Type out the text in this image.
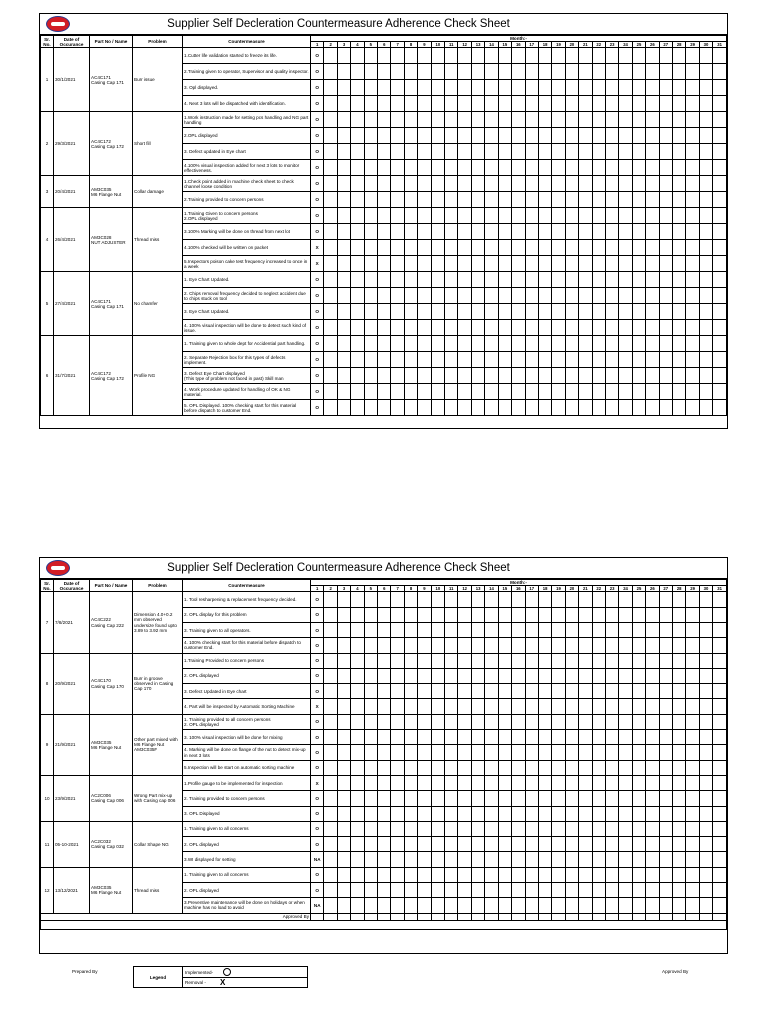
Supplier Self Decleration Countermeasure Adherence Check Sheet
Sr. No.	Date of Occurance	Part No / Name	Problem	Countermeasure	Month:-																														
					1	2	3	4	5	6	7	8	9	10	11	12	13	14	15	16	17	18	19	20	21	22	23	24	25	26	27	28	29	30	31
1	30/1/2021	AC4C171
Casing Cap 171	Burr issue	1.Cutter life validation started to freeze its life.	O																														
				2.Training given to operator, Supervisor and quality inspector.	O																														
				3. Opl displayed.	O																														
				4. Next 3 lots will be dispatched with identification.	O																														
2	29/3/2021	AC4C172
Casing Cap 172	Short fill	1.Work instruction made for setting pcs handling and NG part handling	O																														
				2.OPL displayed	O																														
				3. Defect updated in Eye chart	O																														
				4.100% visual inspection added for next 3 lots to monitor effectiveness.	O																														
3	20/4/2021	AM3C035
M6 Flange Nut	Collar damage	1.Check point added in machine check sheet to check channel loose condition	O																														
				2.Training provided to concern persons	O																														
4	26/4/2021	AM3C028
NUT ADJUSTER	Thread miss	1.Training Given to concern persons
2.OPL displayed	O																														
				3.100% Marking will be done on thread from next lot	O																														
				4.100% checked will be written on packet	X																														
				5.Inspectors poison cake test frequency increased to once in a week	X																														
5	27/4/2021	AC4C171
Casing Cap 171	No chamfer	1. Eye Chart Updated.	O																														
				2. Chips removal frequency decided to neglect accident due to chips stuck on tool	O																														
				3. Eye Chart Updated.	O																														
				4. 100% visual inspection will be done to detect such kind of issue.	O																														
6	31/7/2021	AC4C172
Casing Cap 172	Profile NG	1. Training given to whole dept for Accidential part handling.	O																														
				2. Separate Rejection box for this types of defects implement.	O																														
				3. Defect Eye Chart displayed
(This type of problem not faced in past) Skill man	O																														
				4. Work procedure updated for handling of OK & NG material.	O																														
				5. OPL Displayed. 100% checking start for this material before dispatch to customer End.	O																														
Supplier Self Decleration Countermeasure Adherence Check Sheet
Sr. No.	Date of Occurance	Part No / Name	Problem	Countermeasure	Month:-																														
					1	2	3	4	5	6	7	8	9	10	11	12	13	14	15	16	17	18	19	20	21	22	23	24	25	26	27	28	29	30	31
7	7/8/2021	AC4C222
Casing Cap 222	Dimension 4.0+0.2 mm observed undersize found upto 3.89 to 3.92 mm	1. Tool resharpening & replacement frequency decided.	O																														
				2. OPL display for this problem	O																														
				3. Training given to all operators.	O																														
				4. 100% checking start for this material before dispatch to customer End.	O																														
8	20/9/2021	AC4C170
Casing Cap 170	Burr in groove observed in Casing Cap 170	1.Training Provided to concern persons	O																														
				2. OPL displayed	O																														
				3. Defect Updated in Eye chart	O																														
				4. Part will be inspected by Automatic Sorting Machine	X																														
9	21/9/2021	AM3C035
M6 Flange Nut	Other part mixed with M6 Flange Nut AM3C035F	1. Training provided to all concern persons
2. OPL displayed	O																														
				3. 100% visual inspection will be done for mixing	O																														
				4. Marking will be done on flange of the nut to detect mix-up in next 3 lots	O																														
				5.Inspection will be start on automatic sorting machine	O																														
10	23/9/2021	AC2C006
Casing Cap 006	Wrong Part mix-up with Casing cap 006	1.Profile gauge to be implemented for inspection	X																														
				2. Training provided to concern persons	O																														
				3. OPL Displayed	O																														
11	05-10-2021	AC2C032
Casing Cap 032	Collar Shape NG	1. Training given to all concerns	O																														
				2. OPL displayed	O																														
				3.WI displayed for setting	NA																														
12	13/12/2021	AM3C035
M6 Flange Nut	Thread miss	1. Training given to all concerns	O																														
				2. OPL displayed	O																														
				3.Preventive maintenance will be done on holidays or when machine has no load to avoid	NA																														
Approved By																																			

Prepared By	Approved By
Legend
Implemented-
Removal - X
